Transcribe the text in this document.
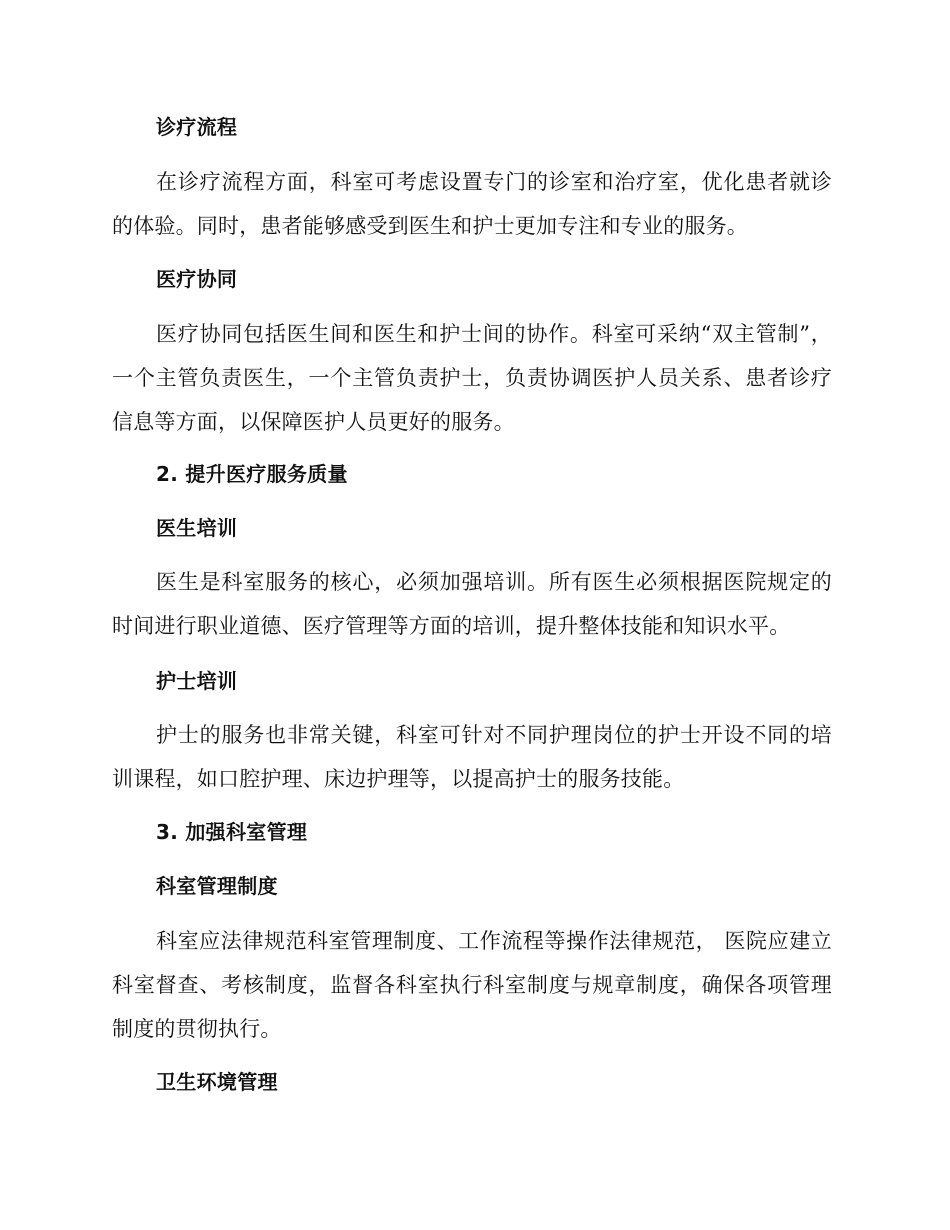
诊疗流程

在诊疗流程方面，科室可考虑设置专门的诊室和治疗室，优化患者就诊的体验。同时，患者能够感受到医生和护士更加专注和专业的服务。

医疗协同

医疗协同包括医生间和医生和护士间的协作。科室可采纳“双主管制”，一个主管负责医生，一个主管负责护士，负责协调医护人员关系、患者诊疗信息等方面，以保障医护人员更好的服务。

2. 提升医疗服务质量
医生培训

医生是科室服务的核心，必须加强培训。所有医生必须根据医院规定的时间进行职业道德、医疗管理等方面的培训，提升整体技能和知识水平。

护士培训

护士的服务也非常关键，科室可针对不同护理岗位的护士开设不同的培训课程，如口腔护理、床边护理等，以提高护士的服务技能。

3. 加强科室管理
科室管理制度

科室应法律规范科室管理制度、工作流程等操作法律规范， 医院应建立科室督查、考核制度，监督各科室执行科室制度与规章制度，确保各项管理制度的贯彻执行。

卫生环境管理
